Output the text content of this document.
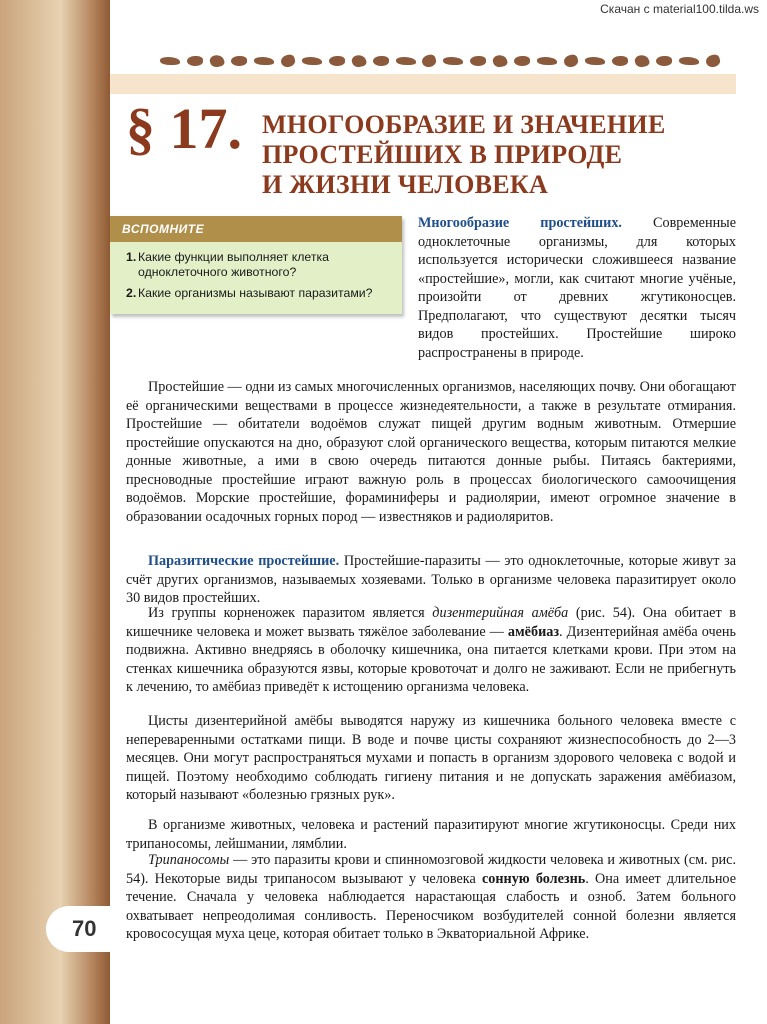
Скачан с material100.tilda.ws
§ 17. МНОГООБРАЗИЕ И ЗНАЧЕНИЕ
ПРОСТЕЙШИХ В ПРИРОДЕ
И ЖИЗНИ ЧЕЛОВЕКА
ВСПОМНИТЕ
1. Какие функции выполняет клетка одноклеточного животного?
2. Какие организмы называют паразитами?

Многообразие простейших. Современные одноклеточные организмы, для которых используется исторически сложившееся название «простейшие», могли, как считают многие учёные, произойти от древних жгутиконосцев. Предполагают, что существуют десятки тысяч видов простейших. Простейшие широко распространены в природе.

Простейшие — одни из самых многочисленных организмов, населяющих почву. Они обогащают её органическими веществами в процессе жизнедеятельности, а также в результате отмирания. Простейшие — обитатели водоёмов служат пищей другим водным животным. Отмершие простейшие опускаются на дно, образуют слой органического вещества, которым питаются мелкие донные животные, а ими в свою очередь питаются донные рыбы. Питаясь бактериями, пресноводные простейшие играют важную роль в процессах биологического самоочищения водоёмов. Морские простейшие, фораминиферы и радиолярии, имеют огромное значение в образовании осадочных горных пород — известняков и радиоляритов.

Паразитические простейшие. Простейшие-паразиты — это одноклеточные, которые живут за счёт других организмов, называемых хозяевами. Только в организме человека паразитирует около 30 видов простейших.

Из группы корненожек паразитом является дизентерийная амёба (рис. 54). Она обитает в кишечнике человека и может вызвать тяжёлое заболевание — амёбиаз. Дизентерийная амёба очень подвижна. Активно внедряясь в оболочку кишечника, она питается клетками крови. При этом на стенках кишечника образуются язвы, которые кровоточат и долго не заживают. Если не прибегнуть к лечению, то амёбиаз приведёт к истощению организма человека.

Цисты дизентерийной амёбы выводятся наружу из кишечника больного человека вместе с непереваренными остатками пищи. В воде и почве цисты сохраняют жизнеспособность до 2—3 месяцев. Они могут распространяться мухами и попасть в организм здорового человека с водой и пищей. Поэтому необходимо соблюдать гигиену питания и не допускать заражения амёбиазом, который называют «болезнью грязных рук».

В организме животных, человека и растений паразитируют многие жгутиконосцы. Среди них трипаносомы, лейшмании, лямблии.

Трипаносомы — это паразиты крови и спинномозговой жидкости человека и животных (см. рис. 54). Некоторые виды трипаносом вызывают у человека сонную болезнь. Она имеет длительное течение. Сначала у человека наблюдается нарастающая слабость и озноб. Затем больного охватывает непреодолимая сонливость. Переносчиком возбудителей сонной болезни является кровососущая муха цеце, которая обитает только в Экваториальной Африке.

70
